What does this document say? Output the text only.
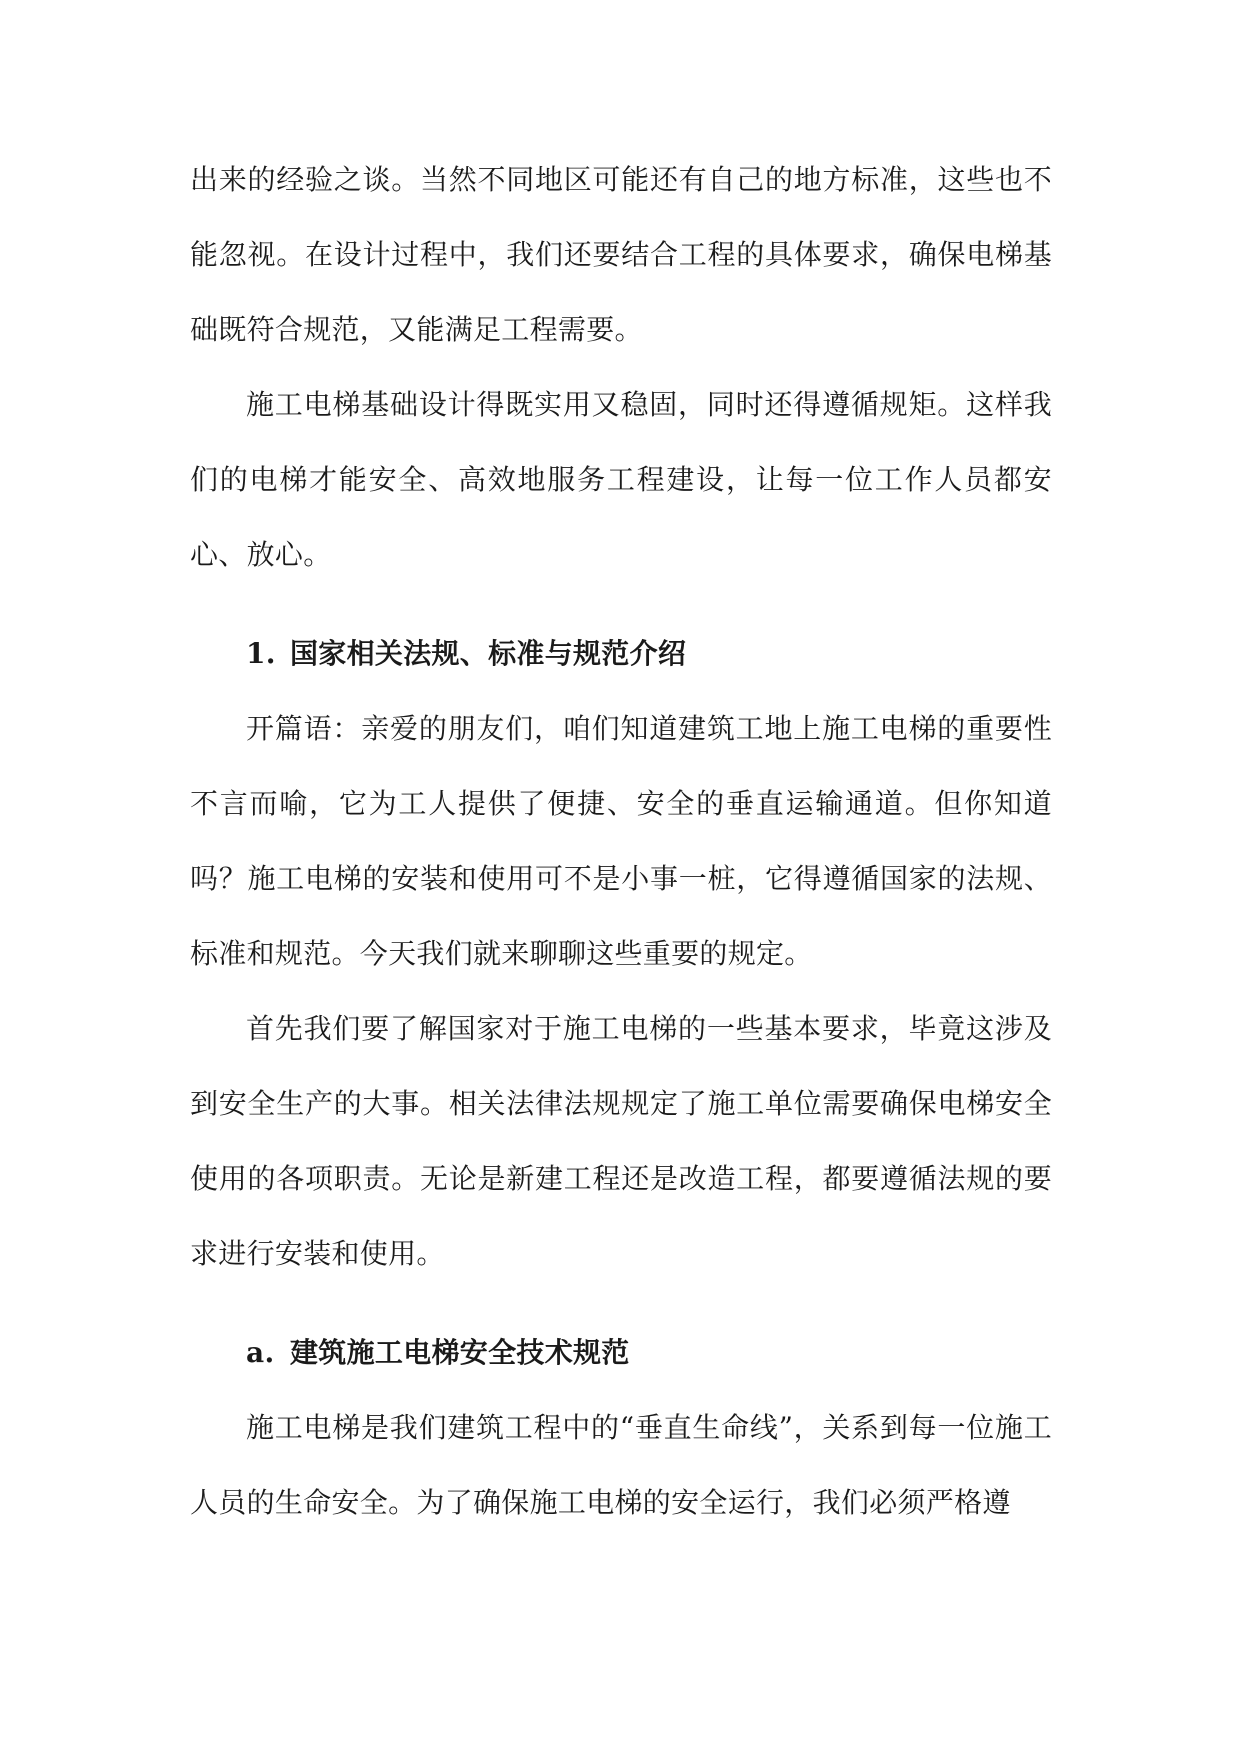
出来的经验之谈。当然不同地区可能还有自己的地方标准，这些也不能忽视。在设计过程中，我们还要结合工程的具体要求，确保电梯基础既符合规范，又能满足工程需要。

施工电梯基础设计得既实用又稳固，同时还得遵循规矩。这样我们的电梯才能安全、高效地服务工程建设，让每一位工作人员都安心、放心。

1. 国家相关法规、标准与规范介绍

开篇语：亲爱的朋友们，咱们知道建筑工地上施工电梯的重要性不言而喻，它为工人提供了便捷、安全的垂直运输通道。但你知道吗？施工电梯的安装和使用可不是小事一桩，它得遵循国家的法规、标准和规范。今天我们就来聊聊这些重要的规定。

首先我们要了解国家对于施工电梯的一些基本要求，毕竟这涉及到安全生产的大事。相关法律法规规定了施工单位需要确保电梯安全使用的各项职责。无论是新建工程还是改造工程，都要遵循法规的要求进行安装和使用。

a. 建筑施工电梯安全技术规范

施工电梯是我们建筑工程中的“垂直生命线”，关系到每一位施工人员的生命安全。为了确保施工电梯的安全运行，我们必须严格遵
